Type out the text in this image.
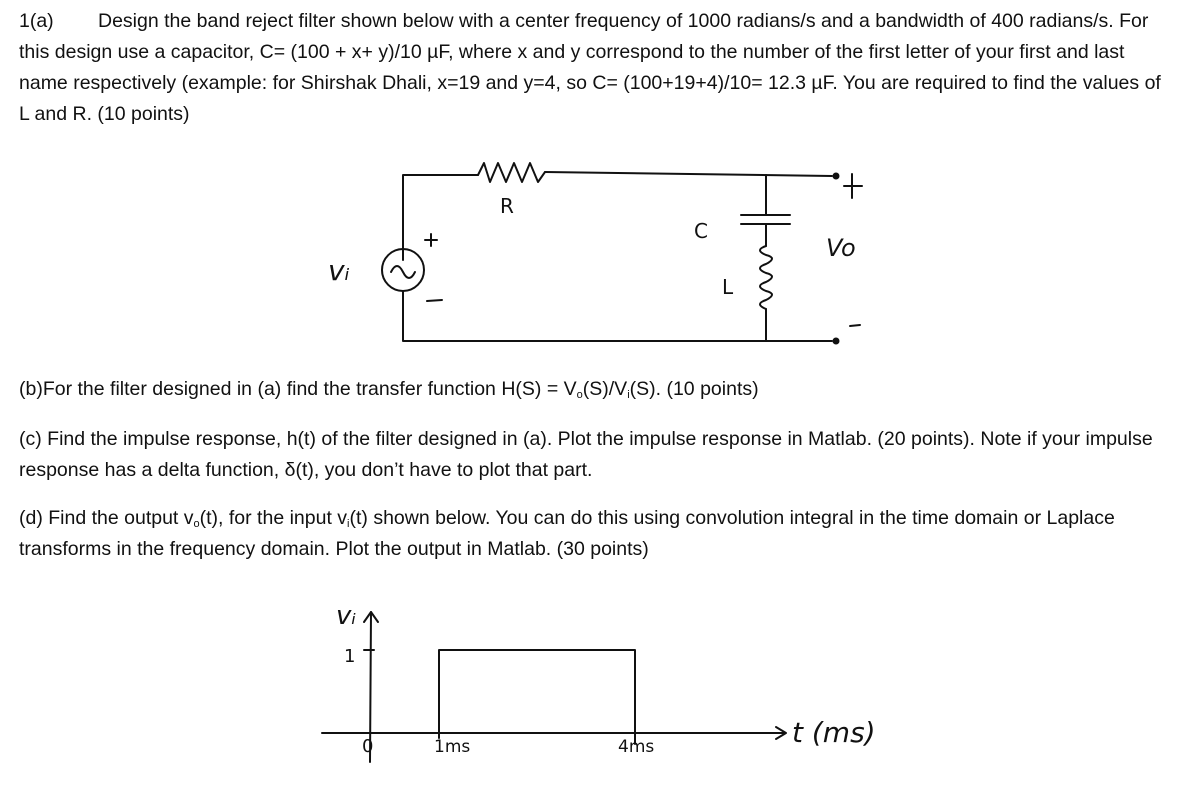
1(a) Design the band reject filter shown below with a center frequency of 1000 radians/s and a bandwidth of 400 radians/s. For this design use a capacitor, C= (100 + x+ y)/10 µF, where x and y correspond to the number of the first letter of your first and last name respectively (example: for Shirshak Dhali, x=19 and y=4, so C= (100+19+4)/10= 12.3 µF. You are required to find the values of L and R. (10 points)

R
C
L
vᵢ
Vo

(b)For the filter designed in (a) find the transfer function $H(S) = V_o(S)/V_i(S)$. (10 points)

(c) Find the impulse response, h(t) of the filter designed in (a). Plot the impulse response in Matlab. (20 points). Note if your impulse response has a delta function, δ(t), you don’t have to plot that part.

(d) Find the output $v_o(t)$, for the input $v_i(t)$ shown below. You can do this using convolution integral in the time domain or Laplace transforms in the frequency domain. Plot the output in Matlab. (30 points)

vᵢ
1
0	1ms	4ms	t (ms)
